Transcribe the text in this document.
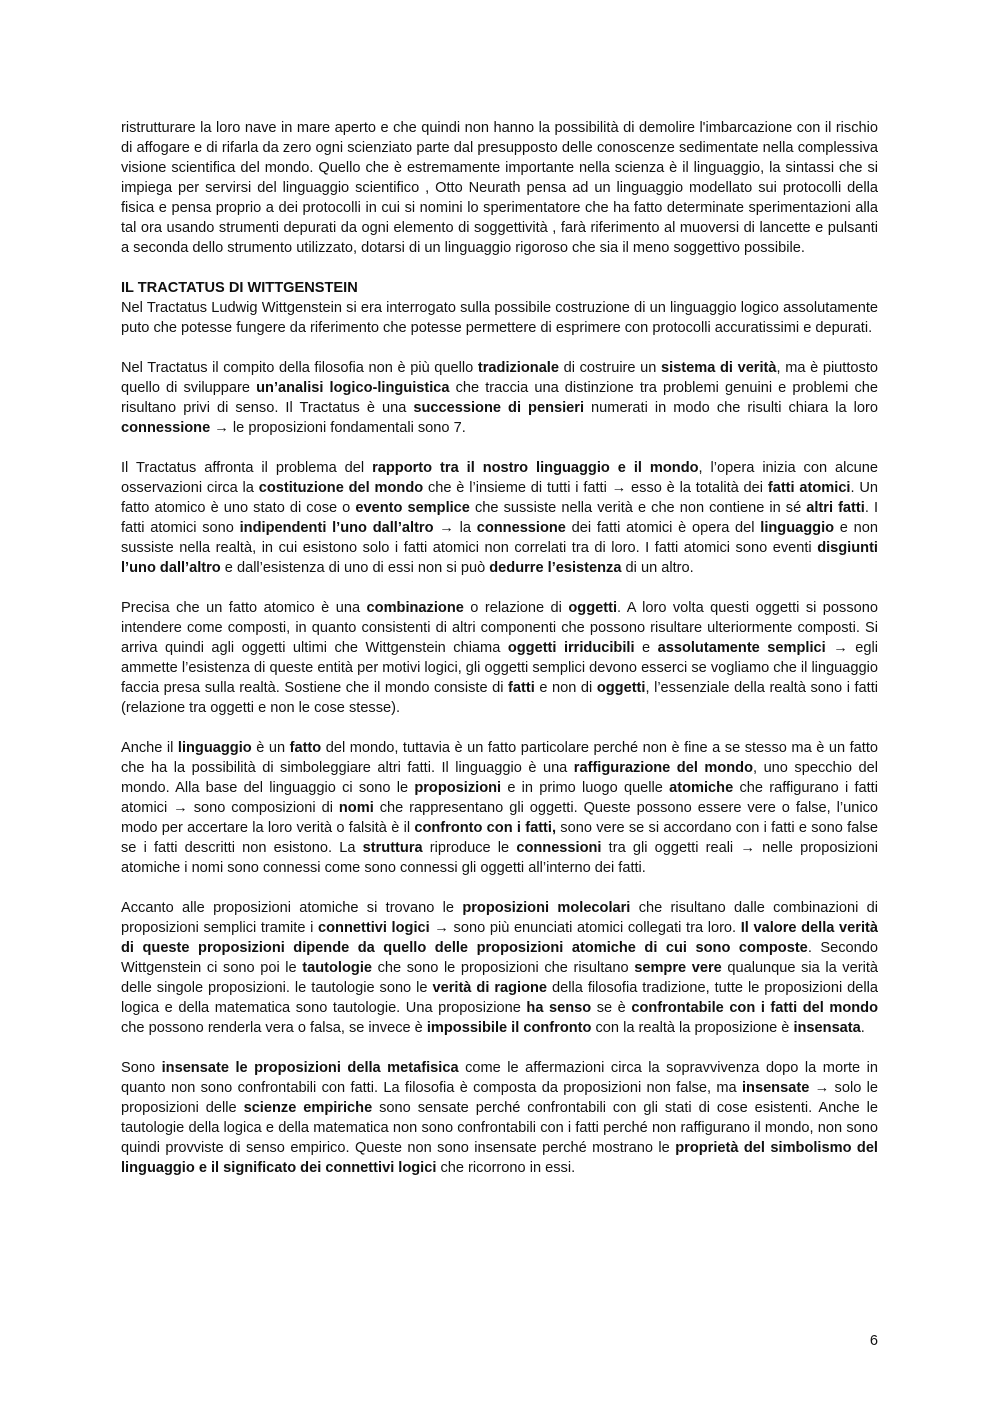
ristrutturare la loro nave in mare aperto e che quindi non hanno la possibilità di demolire l'imbarcazione con il rischio di affogare e di rifarla da zero ogni scienziato parte dal presupposto delle conoscenze sedimentate nella complessiva visione scientifica del mondo. Quello che è estremamente importante nella scienza è il linguaggio, la sintassi che si impiega per servirsi del linguaggio scientifico , Otto Neurath pensa ad un linguaggio modellato sui protocolli della fisica e pensa proprio a dei protocolli in cui si nomini lo sperimentatore che ha fatto determinate sperimentazioni alla tal ora usando strumenti depurati da ogni elemento di soggettività , farà riferimento al muoversi di lancette e pulsanti a seconda dello strumento utilizzato, dotarsi di un linguaggio rigoroso che sia il meno soggettivo possibile.

IL TRACTATUS DI WITTGENSTEIN
Nel Tractatus Ludwig Wittgenstein si era interrogato sulla possibile costruzione di un linguaggio logico assolutamente puto che potesse fungere da riferimento che potesse permettere di esprimere con protocolli accuratissimi e depurati.

Nel Tractatus il compito della filosofia non è più quello tradizionale di costruire un sistema di verità, ma è piuttosto quello di sviluppare un’analisi logico-linguistica che traccia una distinzione tra problemi genuini e problemi che risultano privi di senso. Il Tractatus è una successione di pensieri numerati in modo che risulti chiara la loro connessione → le proposizioni fondamentali sono 7.

Il Tractatus affronta il problema del rapporto tra il nostro linguaggio e il mondo, l’opera inizia con alcune osservazioni circa la costituzione del mondo che è l’insieme di tutti i fatti → esso è la totalità dei fatti atomici. Un fatto atomico è uno stato di cose o evento semplice che sussiste nella verità e che non contiene in sé altri fatti. I fatti atomici sono indipendenti l’uno dall’altro → la connessione dei fatti atomici è opera del linguaggio e non sussiste nella realtà, in cui esistono solo i fatti atomici non correlati tra di loro. I fatti atomici sono eventi disgiunti l’uno dall’altro e dall’esistenza di uno di essi non si può dedurre l’esistenza di un altro.

Precisa che un fatto atomico è una combinazione o relazione di oggetti. A loro volta questi oggetti si possono intendere come composti, in quanto consistenti di altri componenti che possono risultare ulteriormente composti. Si arriva quindi agli oggetti ultimi che Wittgenstein chiama oggetti irriducibili e assolutamente semplici → egli ammette l’esistenza di queste entità per motivi logici, gli oggetti semplici devono esserci se vogliamo che il linguaggio faccia presa sulla realtà. Sostiene che il mondo consiste di fatti e non di oggetti, l’essenziale della realtà sono i fatti (relazione tra oggetti e non le cose stesse).

Anche il linguaggio è un fatto del mondo, tuttavia è un fatto particolare perché non è fine a se stesso ma è un fatto che ha la possibilità di simboleggiare altri fatti. Il linguaggio è una raffigurazione del mondo, uno specchio del mondo. Alla base del linguaggio ci sono le proposizioni e in primo luogo quelle atomiche che raffigurano i fatti atomici → sono composizioni di nomi che rappresentano gli oggetti. Queste possono essere vere o false, l’unico modo per accertare la loro verità o falsità è il confronto con i fatti, sono vere se si accordano con i fatti e sono false se i fatti descritti non esistono. La struttura riproduce le connessioni tra gli oggetti reali → nelle proposizioni atomiche i nomi sono connessi come sono connessi gli oggetti all’interno dei fatti.

Accanto alle proposizioni atomiche si trovano le proposizioni molecolari che risultano dalle combinazioni di proposizioni semplici tramite i connettivi logici → sono più enunciati atomici collegati tra loro. Il valore della verità di queste proposizioni dipende da quello delle proposizioni atomiche di cui sono composte. Secondo Wittgenstein ci sono poi le tautologie che sono le proposizioni che risultano sempre vere qualunque sia la verità delle singole proposizioni. le tautologie sono le verità di ragione della filosofia tradizione, tutte le proposizioni della logica e della matematica sono tautologie. Una proposizione ha senso se è confrontabile con i fatti del mondo che possono renderla vera o falsa, se invece è impossibile il confronto con la realtà la proposizione è insensata.

Sono insensate le proposizioni della metafisica come le affermazioni circa la sopravvivenza dopo la morte in quanto non sono confrontabili con fatti. La filosofia è composta da proposizioni non false, ma insensate → solo le proposizioni delle scienze empiriche sono sensate perché confrontabili con gli stati di cose esistenti. Anche le tautologie della logica e della matematica non sono confrontabili con i fatti perché non raffigurano il mondo, non sono quindi provviste di senso empirico. Queste non sono insensate perché mostrano le proprietà del simbolismo del linguaggio e il significato dei connettivi logici che ricorrono in essi.

6
